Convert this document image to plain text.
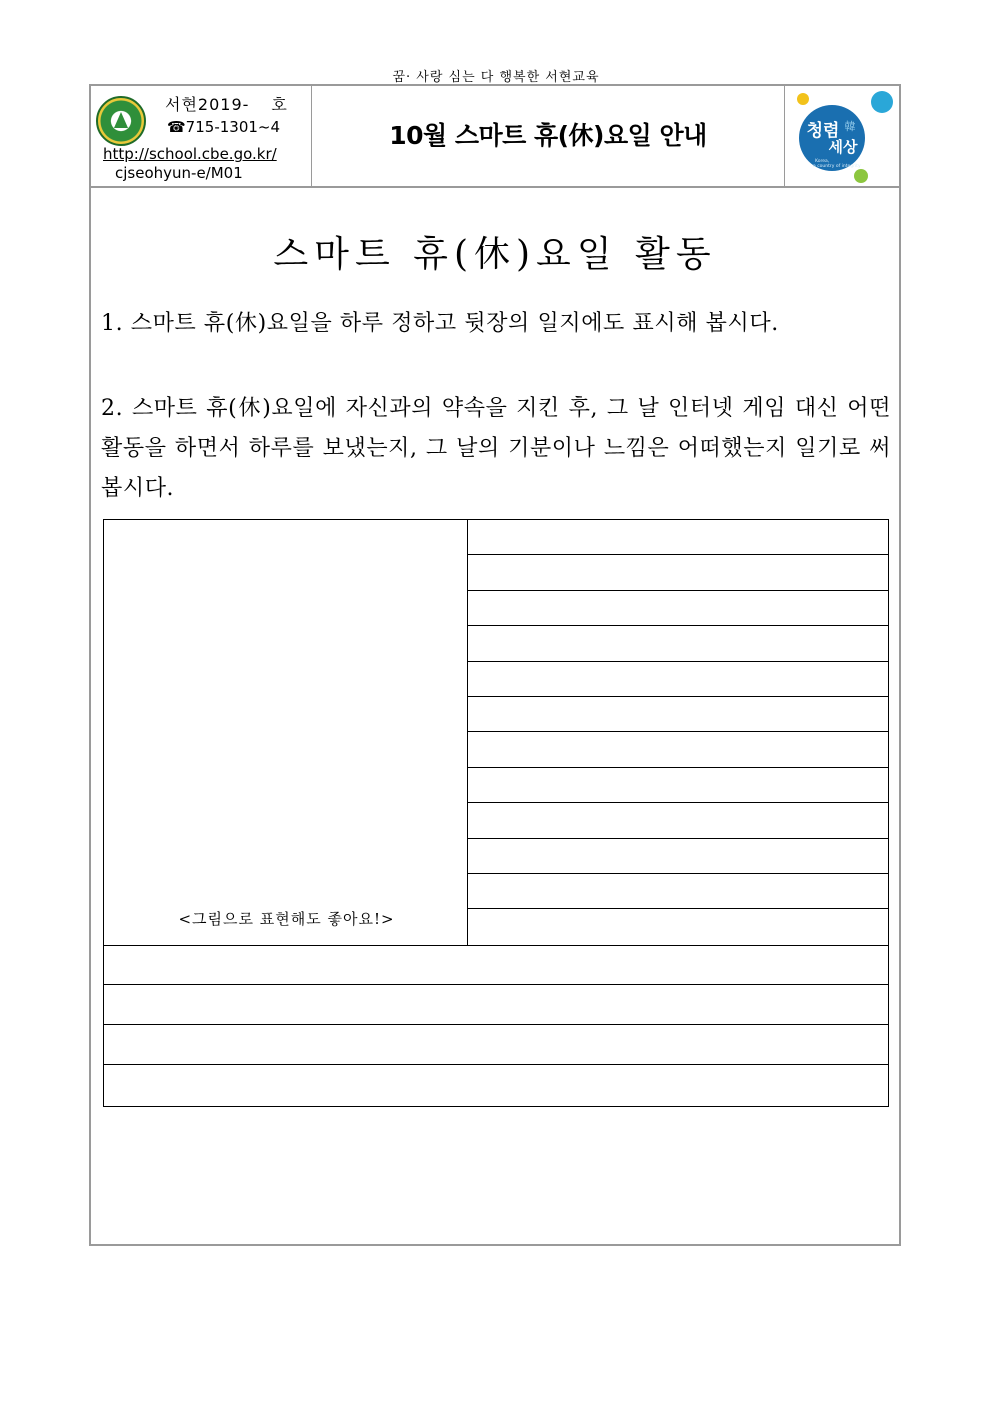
꿈· 사랑 심는 다 행복한 서현교육
서현2019- 호
☎715-1301~4
http://school.cbe.go.kr/
cjseohyun-e/M01
10월 스마트 휴(休)요일 안내	청렴 韓
세상
Korea,
a country of integrity
스마트 휴(休)요일 활동
1. 스마트 휴(休)요일을 하루 정하고 뒷장의 일지에도 표시해 봅시다.
2. 스마트 휴(休)요일에 자신과의 약속을 지킨 후, 그 날 인터넷 게임 대신 어떤 활동을 하면서 하루를 보냈는지, 그 날의 기분이나 느낌은 어떠했는지 일기로 써 봅시다.
<그림으로 표현해도 좋아요!>
